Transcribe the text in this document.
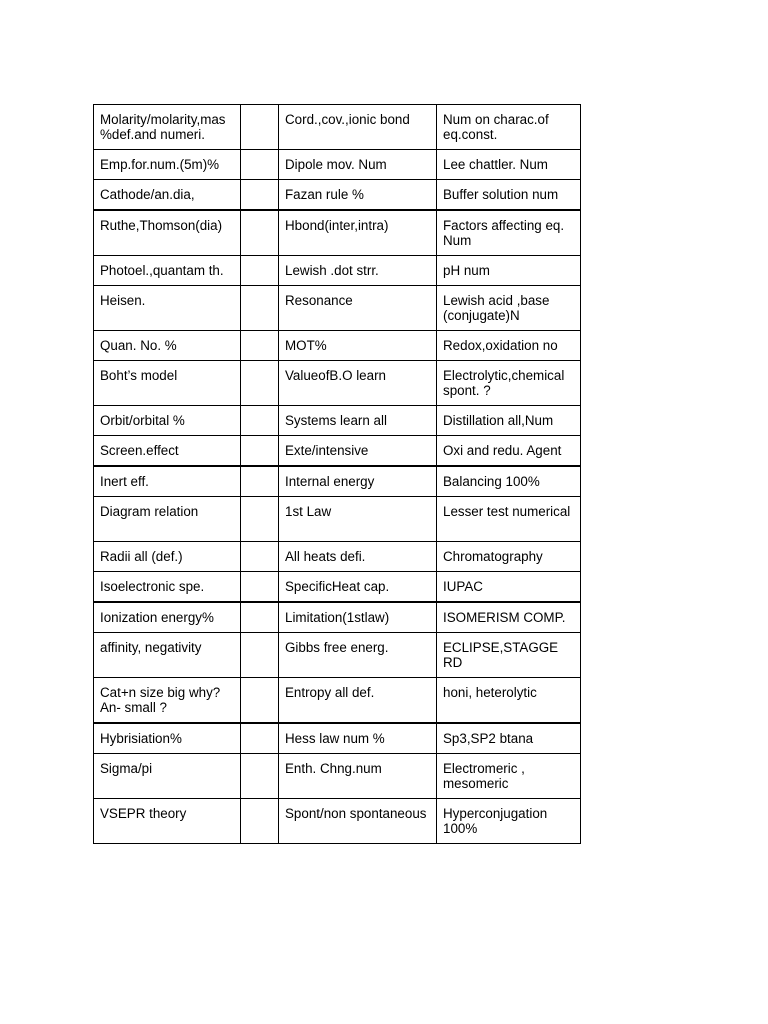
Molarity/molarity,mas %def.and numeri.		Cord.,cov.,ionic bond	Num on charac.of eq.const.
Emp.for.num.(5m)%		Dipole mov. Num	Lee chattler. Num
Cathode/an.dia,		Fazan rule %	Buffer solution num
Ruthe,Thomson(dia)		Hbond(inter,intra)	Factors affecting eq. Num
Photoel.,quantam th.		Lewish .dot strr.	pH num
Heisen.		Resonance	Lewish acid ,base (conjugate)N
Quan. No. %		MOT%	Redox,oxidation no
Boht’s model		ValueofB.O learn	Electrolytic,chemical spont. ?
Orbit/orbital %		Systems learn all	Distillation all,Num
Screen.effect		Exte/intensive	Oxi and redu. Agent
Inert eff.		Internal energy	Balancing 100%
Diagram relation		1st Law	Lesser test numerical
Radii all (def.)		All heats defi.	Chromatography
Isoelectronic spe.		SpecificHeat cap.	IUPAC
Ionization energy%		Limitation(1stlaw)	ISOMERISM COMP.
affinity, negativity		Gibbs free energ.	ECLIPSE,STAGGE RD
Cat+n size big why? An- small ?		Entropy all def.	honi, heterolytic
Hybrisiation%		Hess law num %	Sp3,SP2 btana
Sigma/pi		Enth. Chng.num	Electromeric , mesomeric
VSEPR theory		Spont/non spontaneous	Hyperconjugation 100%
